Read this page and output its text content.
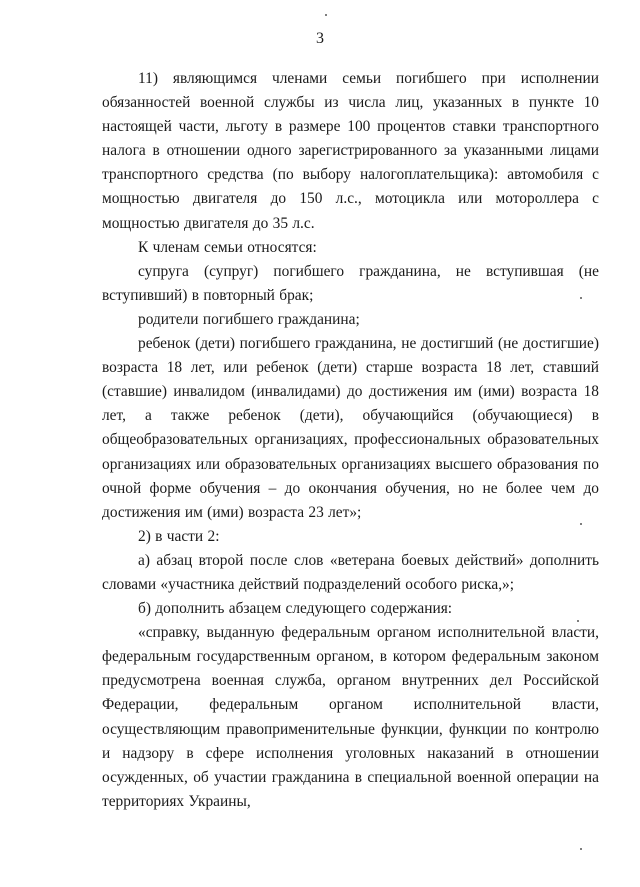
3

11) являющимся членами семьи погибшего при исполнении обязанностей военной службы из числа лиц, указанных в пункте 10 настоящей части, льготу в размере 100 процентов ставки транспортного налога в отношении одного зарегистрированного за указанными лицами транспортного средства (по выбору налогоплательщика): автомобиля с мощностью двигателя до 150 л.с., мотоцикла или мотороллера с мощностью двигателя до 35 л.с.

К членам семьи относятся:

супруга (супруг) погибшего гражданина, не вступившая (не вступивший) в повторный брак;

родители погибшего гражданина;

ребенок (дети) погибшего гражданина, не достигший (не достигшие) возраста 18 лет, или ребенок (дети) старше возраста 18 лет, ставший (ставшие) инвалидом (инвалидами) до достижения им (ими) возраста 18 лет, а также ребенок (дети), обучающийся (обучающиеся) в общеобразовательных организациях, профессиональных образовательных организациях или образовательных организациях высшего образования по очной форме обучения – до окончания обучения, но не более чем до достижения им (ими) возраста 23 лет»;

2) в части 2:

а) абзац второй после слов «ветерана боевых действий» дополнить словами «участника действий подразделений особого риска,»;

б) дополнить абзацем следующего содержания:

«справку, выданную федеральным органом исполнительной власти, федеральным государственным органом, в котором федеральным законом предусмотрена военная служба, органом внутренних дел Российской Федерации, федеральным органом исполнительной власти, осуществляющим правоприменительные функции, функции по контролю и надзору в сфере исполнения уголовных наказаний в отношении осужденных, об участии гражданина в специальной военной операции на территориях Украины,
